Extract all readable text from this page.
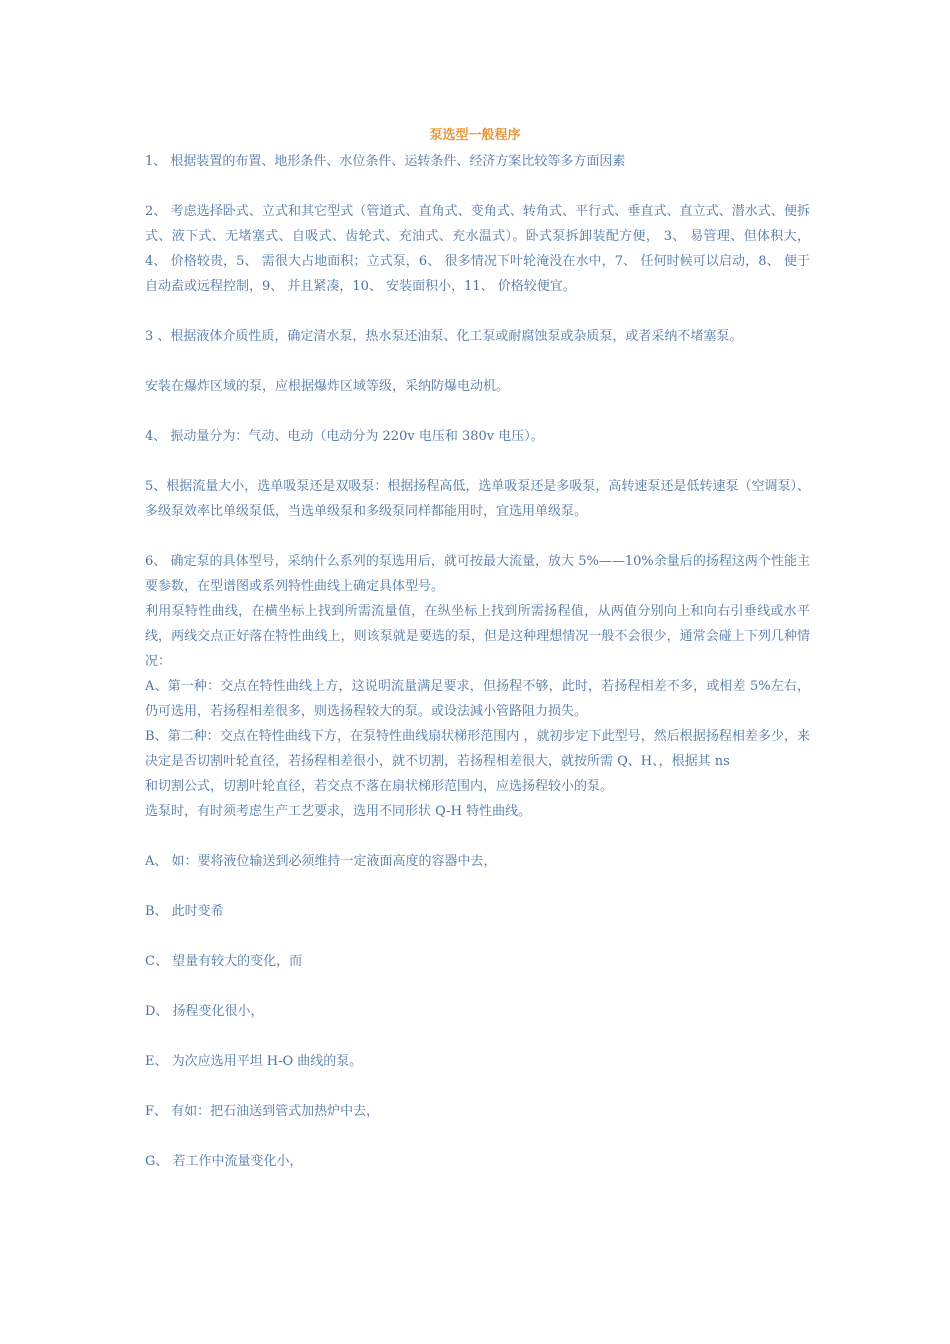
泵选型一般程序

1、 根据装置的布置、地形条件、水位条件、运转条件、经济方案比较等多方面因素

2、 考虑选择卧式、立式和其它型式（管道式、直角式、变角式、转角式、平行式、垂直式、直立式、潜水式、便拆式、液下式、无堵塞式、自吸式、齿轮式、充油式、充水温式）。卧式泵拆卸装配方便， 3、 易管理、但体积大，4、 价格较贵，5、 需很大占地面积；立式泵，6、 很多情况下叶轮淹没在水中，7、 任何时候可以启动，8、 便于自动盍或远程控制，9、 并且紧凑，10、 安装面积小，11、 价格较便宜。

3 、根据液体介质性质，确定清水泵，热水泵还油泵、化工泵或耐腐蚀泵或杂质泵，或者采纳不堵塞泵。

安装在爆炸区域的泵，应根据爆炸区域等级，采纳防爆电动机。

4、 振动量分为：气动、电动（电动分为 220v 电压和 380v 电压）。

5、根据流量大小，选单吸泵还是双吸泵：根据扬程高低，选单吸泵还是多吸泵，高转速泵还是低转速泵（空调泵）、多级泵效率比单级泵低，当选单级泵和多级泵同样都能用时，宜选用单级泵。

6、 确定泵的具体型号，采纳什么系列的泵选用后，就可按最大流量，放大 5%——10%余量后的扬程这两个性能主要参数，在型谱图或系列特性曲线上确定具体型号。

利用泵特性曲线，在横坐标上找到所需流量值，在纵坐标上找到所需扬程值，从两值分别向上和向右引垂线或水平线，两线交点正好落在特性曲线上，则该泵就是要选的泵，但是这种理想情况一般不会很少，通常会碰上下列几种情况：

A、第一种：交点在特性曲线上方，这说明流量满足要求，但扬程不够，此时，若扬程相差不多，或相差 5%左右，仍可选用，若扬程相差很多，则选扬程较大的泵。或设法減小管路阻力损失。

B、第二种：交点在特性曲线下方，在泵特性曲线扇状梯形范围内 ，就初步定下此型号，然后根据扬程相差多少，来决定是否切割叶轮直径，若扬程相差很小，就不切割，若扬程相差很大，就按所需 Q、H、，根据其 ns

和切割公式，切割叶轮直径，若交点不落在扇状梯形范围内，应选扬程较小的泵。

选泵时，有时须考虑生产工艺要求，选用不同形状 Q-H 特性曲线。

A、 如：要将液位输送到必须维持一定液面高度的容器中去，

B、 此时变希

C、 望量有较大的变化，而

D、 扬程变化很小，

E、 为次应选用平坦 H-O 曲线的泵。

F、 有如：把石油送到管式加热炉中去，

G、 若工作中流量变化小，
